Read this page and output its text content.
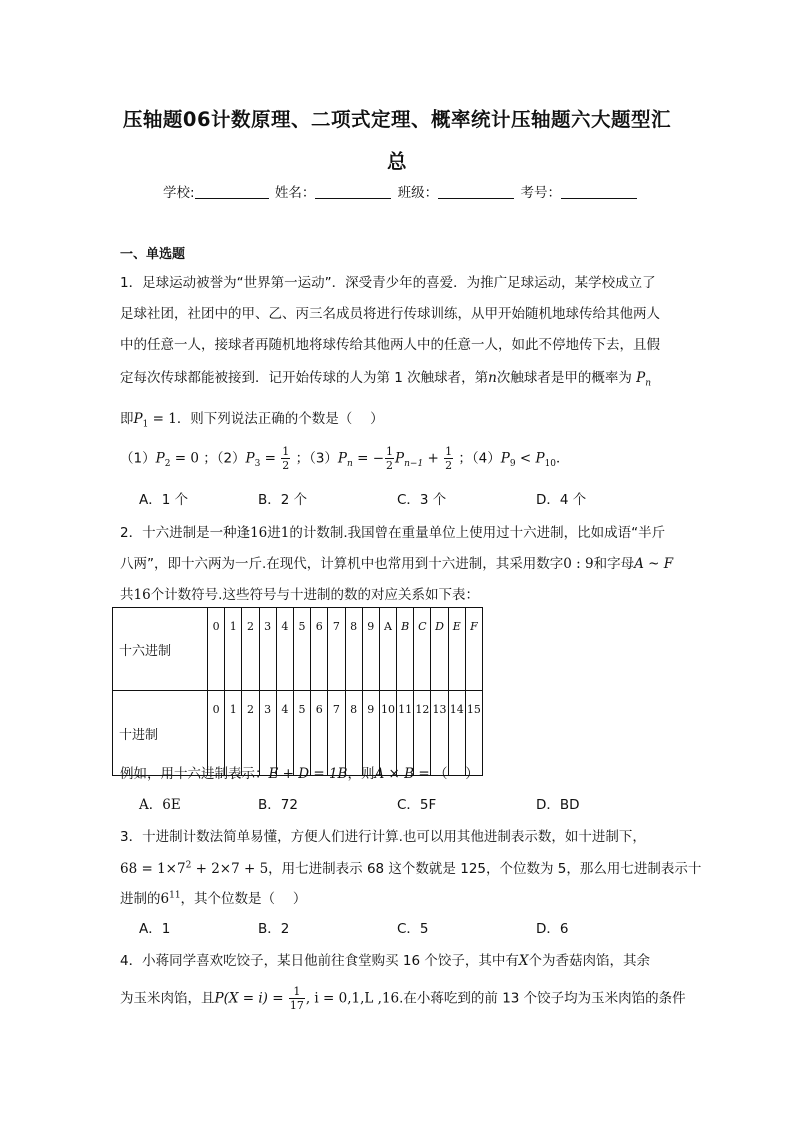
压轴题06计数原理、二项式定理、概率统计压轴题六大题型汇
总
学校:	姓名：	班级：	考号：
一、单选题
1．足球运动被誉为“世界第一运动”．深受青少年的喜爱．为推广足球运动，某学校成立了
足球社团，社团中的甲、乙、丙三名成员将进行传球训练，从甲开始随机地球传给其他两人
中的任意一人，接球者再随机地将球传给其他两人中的任意一人，如此不停地传下去，且假
定每次传球都能被接到．记开始传球的人为第 1 次触球者，第n次触球者是甲的概率为 $P_n$
即$P_1 = 1$．则下列说法正确的个数是（　 ）
$(1)P_2 = 0$ ；$(2)P_3 = \frac{1}{2}$ ；$(3)P_n$ = − $\frac{1}{2} P_{n-1} + \frac{1}{2}$ ；$(4)P_9 < P_{10}$．
A．1 个	B．2 个	C．3 个	D．4 个
2．十六进制是一种逢16进1的计数制.我国曾在重量单位上使用过十六进制，比如成语“半斤
八两”，即十六两为一斤.在现代，计算机中也常用到十六进制，其采用数字0 : 9和字母A ~ F
共16个计数符号.这些符号与十进制的数的对应关系如下表：
十六进制	0	1	2	3	4	5	6	7	8	9	A	B	C	D	E	F
十进制	0	1	2	3	4	5	6	7	8	9	10	11	12	13	14	15
例如，用十六进制表示：E + D = 1B，则A × B = （　 ）
A．6E	B．72	C．5F	D．BD
3．十进制计数法简单易懂，方便人们进行计算.也可以用其他进制表示数，如十进制下，
$68 = 1\times 7^2 + 2\times 7 + 5$，用七进制表示 68 这个数就是 125，个位数为 5，那么用七进制表示十
进制的$6^{11}$，其个位数是（　 ）
A．1	B．2	C．5	D．6
4．小蒋同学喜欢吃饺子，某日他前往食堂购买 16 个饺子，其中有X个为香菇肉馅，其余
为玉米肉馅，且$P(X = i) = \frac{1}{17}$ , i = 0,1,L ,16.在小蒋吃到的前 13 个饺子均为玉米肉馅的条件
